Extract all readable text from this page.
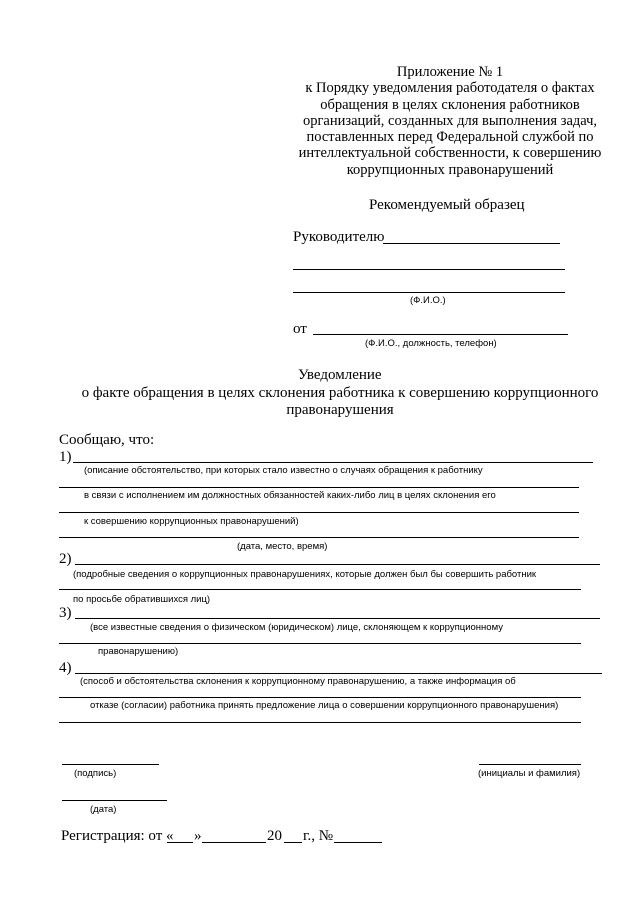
Приложение № 1
к Порядку уведомления работодателя о фактах
обращения в целях склонения работников
организаций, созданных для выполнения задач,
поставленных перед Федеральной службой по
интеллектуальной собственности, к совершению
коррупционных правонарушений
Рекомендуемый образец
Руководителю
(Ф.И.О.)
от
(Ф.И.О., должность, телефон)
Уведомление
о факте обращения в целях склонения работника к совершению коррупционного
правонарушения
Сообщаю, что:
1)
(описание обстоятельство, при которых стало известно о случаях обращения к работнику
в связи с исполнением им должностных обязанностей каких-либо лиц в целях склонения его
к совершению коррупционных правонарушений)
(дата, место, время)
2)
(подробные сведения о коррупционных правонарушениях, которые должен был бы совершить работник
по просьбе обратившихся лиц)
3)
(все известные сведения о физическом (юридическом) лице, склоняющем к коррупционному
правонарушению)
4)
(способ и обстоятельства склонения к коррупционному правонарушению, а также информация об
отказе (согласии) работника принять предложение лица о совершении коррупционного правонарушения)
(подпись)	(инициалы и фамилия)
(дата)
Регистрация: от « »	20 г., №
